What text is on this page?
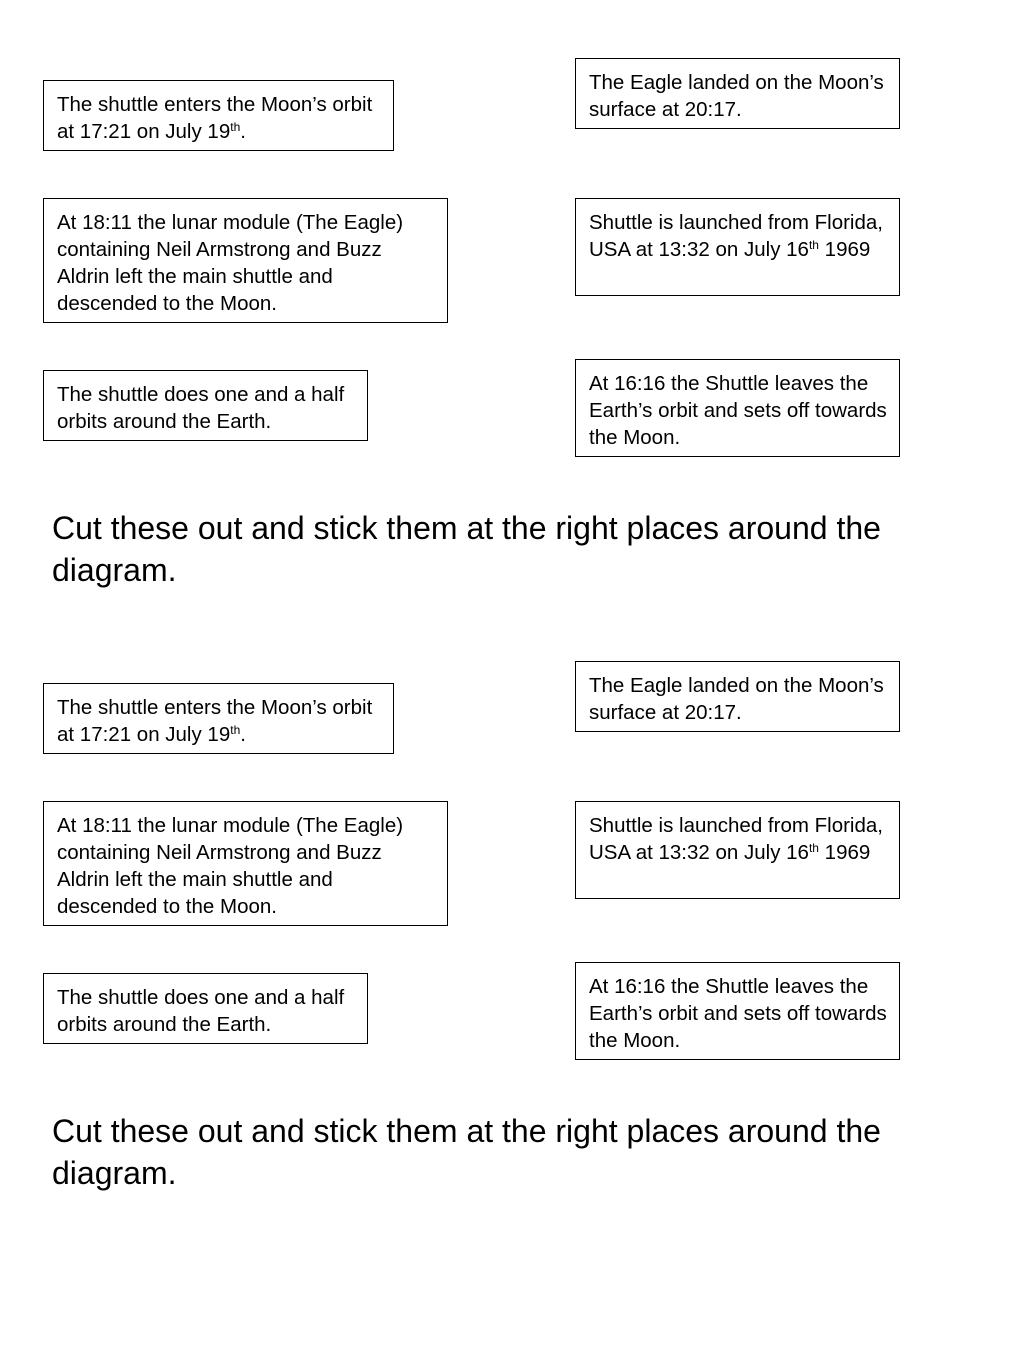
The shuttle enters the Moon’s orbit at 17:21 on July 19th.
At 18:11 the lunar module (The Eagle) containing Neil Armstrong and Buzz Aldrin left the main shuttle and descended to the Moon.
The shuttle does one and a half orbits around the Earth.
The Eagle landed on the Moon’s surface at 20:17.
Shuttle is launched from Florida, USA at 13:32 on July 16th 1969
At 16:16 the Shuttle leaves the Earth’s orbit and sets off towards the Moon.
Cut these out and stick them at the right places around the diagram.
The shuttle enters the Moon’s orbit at 17:21 on July 19th.
At 18:11 the lunar module (The Eagle) containing Neil Armstrong and Buzz Aldrin left the main shuttle and descended to the Moon.
The shuttle does one and a half orbits around the Earth.
The Eagle landed on the Moon’s surface at 20:17.
Shuttle is launched from Florida, USA at 13:32 on July 16th 1969
At 16:16 the Shuttle leaves the Earth’s orbit and sets off towards the Moon.
Cut these out and stick them at the right places around the diagram.
